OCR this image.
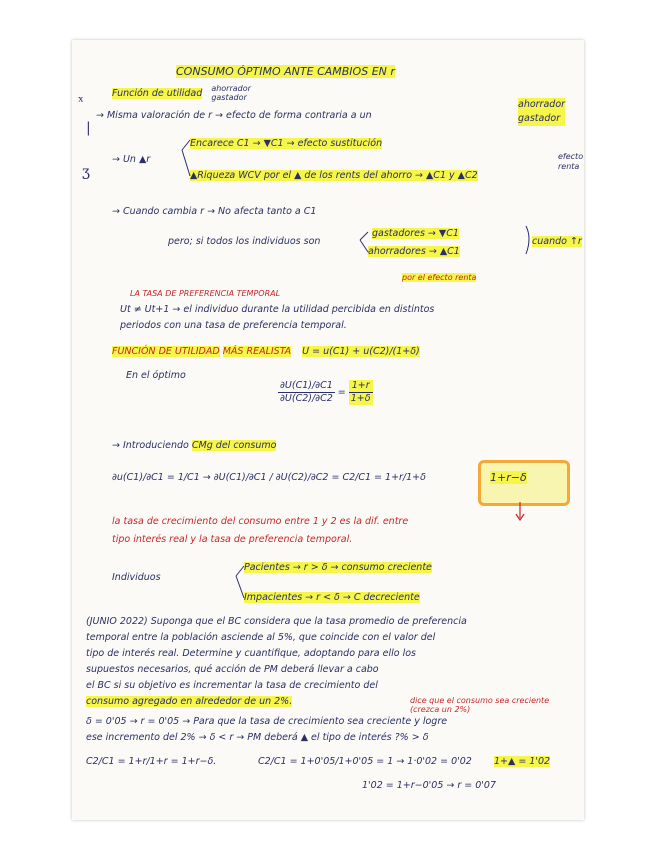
CONSUMO ÓPTIMO ANTE CAMBIOS EN r
Función de utilidad ahorrador
gastador
ˣ
→ Misma valoración de r → efecto de forma contraria a un
ahorrador
gastador
|
→ Un ▲r
Encarece C1 → ▼C1 → efecto sustitución
▲Riqueza WCV por el ▲ de los rents del ahorro → ▲C1 y ▲C2
efecto renta
ʒ
→ Cuando cambia r → No afecta tanto a C1
pero; si todos los individuos son
gastadores → ▼C1
ahorradores → ▲C1
cuando ↑r
por el efecto renta
LA TASA DE PREFERENCIA TEMPORAL
Ut ≠ Ut+1 → el individuo durante la utilidad percibida en distintos
periodos con una tasa de preferencia temporal.
FUNCIÓN DE UTILIDAD MÁS REALISTA U = u(C1) + u(C2)/(1+δ)
En el óptimo
$\frac{\partial U(C1)/\partial C1}{\partial U(C2)/\partial C2} = \frac{1+r}{1+\delta}$
→ Introduciendo CMg del consumo
∂u(C1)/∂C1 = 1/C1 → ∂U(C1)/∂C1 / ∂U(C2)/∂C2 = C2/C1 = 1+r/1+δ	1+r−δ
la tasa de crecimiento del consumo entre 1 y 2 es la dif. entre
tipo interés real y la tasa de preferencia temporal.
Individuos
Pacientes → r > δ → consumo creciente
Impacientes → r < δ → C decreciente
(JUNIO 2022) Suponga que el BC considera que la tasa promedio de preferencia
temporal entre la población asciende al 5%, que coincide con el valor del
tipo de interés real. Determine y cuantifique, adoptando para ello los
supuestos necesarios, qué acción de PM deberá llevar a cabo
el BC si su objetivo es incrementar la tasa de crecimiento del
consumo agregado en alrededor de un 2%.	dice que el consumo sea creciente (crezca un 2%)
δ = 0'05 → r = 0'05 → Para que la tasa de crecimiento sea creciente y logre
ese incremento del 2% → δ < r → PM deberá ▲ el tipo de interés ?% > δ
C2/C1 = 1+r/1+r = 1+r−δ.	C2/C1 = 1+0'05/1+0'05 = 1 → 1·0'02 = 0'02 1+▲ = 1'02
1'02 = 1+r−0'05 → r = 0'07
